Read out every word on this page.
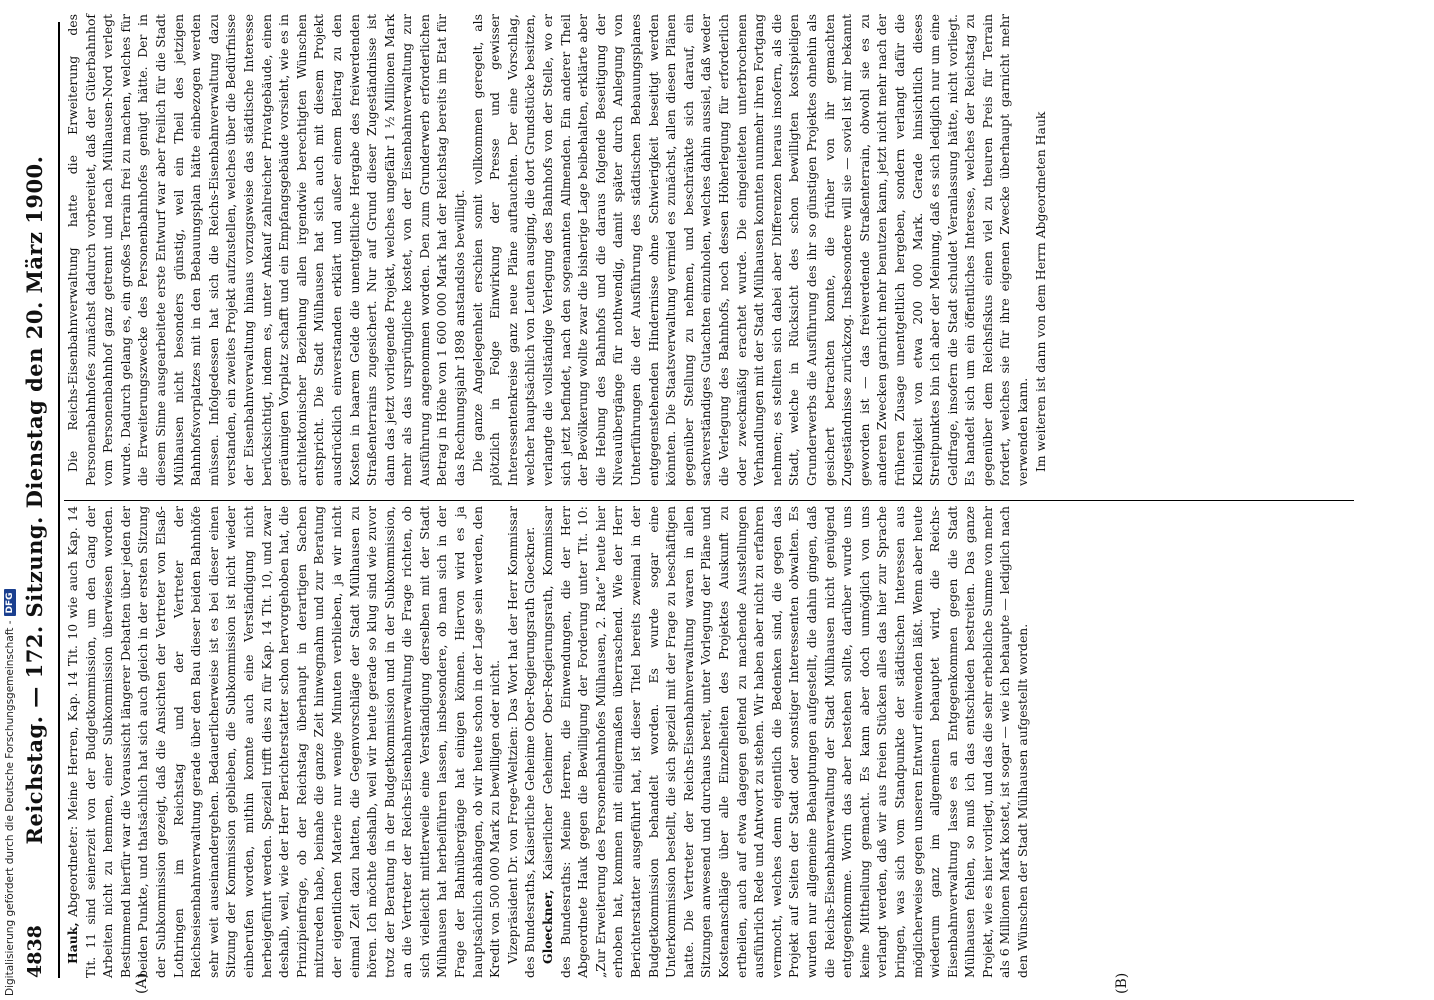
4838
Reichstag. — 172. Sitzung. Dienstag den 20. März 1900.
(A)	(B)

Hauk, Abgeordneter: Meine Herren, Kap. 14 Tit. 10 wie auch Kap. 14 Tit. 11 sind seinerzeit von der Budgetkommission, um den Gang der Arbeiten nicht zu hemmen, einer Subkommission überwiesen worden. Bestimmend hierfür war die Voraussicht längerer Debatten über jeden der beiden Punkte, und thatsächlich hat sich auch gleich in der ersten Sitzung der Subkommission gezeigt, daß die Ansichten der Vertreter von Elsaß-Lothringen im Reichstag und der Vertreter der Reichseisenbahnverwaltung gerade über den Bau dieser beiden Bahnhöfe sehr weit auseinandergehen. Bedauerlicherweise ist es bei dieser einen Sitzung der Kommission geblieben, die Subkommission ist nicht wieder einberufen worden, mithin konnte auch eine Verständigung nicht herbeigeführt werden. Speziell trifft dies zu für Kap. 14 Tit. 10, und zwar deshalb, weil, wie der Herr Berichterstatter schon hervorgehoben hat, die Prinzipienfrage, ob der Reichstag überhaupt in derartigen Sachen mitzureden habe, beinahe die ganze Zeit hinwegnahm und zur Beratung der eigentlichen Materie nur wenige Minuten verblieben, ja wir nicht einmal Zeit dazu hatten, die Gegenvorschläge der Stadt Mülhausen zu hören. Ich möchte deshalb, weil wir heute gerade so klug sind wie zuvor trotz der Beratung in der Budgetkommission und in der Subkommission, an die Vertreter der Reichs-Eisenbahnverwaltung die Frage richten, ob sich vielleicht mittlerweile eine Verständigung derselben mit der Stadt Mülhausen hat herbeiführen lassen, insbesondere, ob man sich in der Frage der Bahnübergänge hat einigen können. Hiervon wird es ja hauptsächlich abhängen, ob wir heute schon in der Lage sein werden, den Kredit von 500 000 Mark zu bewilligen oder nicht. Vizepräsident Dr. von Frege-Weltzien: Das Wort hat der Herr Kommissar des Bundesraths, Kaiserliche Geheime Ober-Regierungsrath Gloeckner. Gloeckner, Kaiserlicher Geheimer Ober-Regierungsrath, Kommissar des Bundesraths: Meine Herren, die Einwendungen, die der Herr Abgeordnete Hauk gegen die Bewilligung der Forderung unter Tit. 10: „Zur Erweiterung des Personenbahnhofes Mülhausen, 2. Rate“ heute hier erhoben hat, kommen mit einigermaßen überraschend. Wie der Herr Berichterstatter ausgeführt hat, ist dieser Titel bereits zweimal in der Budgetkommission behandelt worden. Es wurde sogar eine Unterkommission bestellt, die sich speziell mit der Frage zu beschäftigen hatte. Die Vertreter der Reichs-Eisenbahnverwaltung waren in allen Sitzungen anwesend und durchaus bereit, unter Vorlegung der Pläne und Kostenanschläge über alle Einzelheiten des Projektes Auskunft zu ertheilen, auch auf etwa dagegen geltend zu machende Ausstellungen ausführlich Rede und Antwort zu stehen. Wir haben aber nicht zu erfahren vermocht, welches denn eigentlich die Bedenken sind, die gegen das Projekt auf Seiten der Stadt oder sonstiger Interessenten obwalten. Es wurden nur allgemeine Behauptungen aufgestellt, die dahin gingen, daß die Reichs-Eisenbahnverwaltung der Stadt Mülhausen nicht genügend entgegenkomme. Worin das aber bestehen sollte, darüber wurde uns keine Mittheilung gemacht. Es kann aber doch unmöglich von uns verlangt werden, daß wir aus freien Stücken alles das hier zur Sprache bringen, was sich vom Standpunkte der städtischen Interessen aus möglicherweise gegen unseren Entwurf einwenden läßt. Wenn aber heute wiederum ganz im allgemeinen behauptet wird, die Reichs-Eisenbahnverwaltung lasse es an Entgegenkommen gegen die Stadt Mülhausen fehlen, so muß ich das entschieden bestreiten. Das ganze Projekt, wie es hier vorliegt, und das die sehr erhebliche Summe von mehr als 6 Millionen Mark kostet, ist sogar — wie ich behaupte — lediglich nach den Wünschen der Stadt Mülhausen aufgestellt worden.

Die Reichs-Eisenbahnverwaltung hatte die Erweiterung des Personenbahnhofes zunächst dadurch vorbereitet, daß der Güterbahnhof vom Personenbahnhof ganz getrennt und nach Mülhausen-Nord verlegt wurde. Dadurch gelang es, ein großes Terrain frei zu machen, welches für die Erweiterungszwecke des Personenbahnhofes genügt hätte. Der in diesem Sinne ausgearbeitete erste Entwurf war aber freilich für die Stadt Mülhausen nicht besonders günstig, weil ein Theil des jetzigen Bahnhofsvorplatzes mit in den Bebauungsplan hätte einbezogen werden müssen. Infolgedessen hat sich die Reichs-Eisenbahnverwaltung dazu verstanden, ein zweites Projekt aufzustellen, welches über die Bedürfnisse der Eisenbahnverwaltung hinaus vorzugsweise das städtische Interesse berücksichtigt, indem es, unter Ankauf zahlreicher Privatgebäude, einen geräumigen Vorplatz schafft und ein Empfangsgebäude vorsieht, wie es in architektonischer Beziehung allen irgendwie berechtigten Wünschen entspricht. Die Stadt Mülhausen hat sich auch mit diesem Projekt ausdrücklich einverstanden erklärt und außer einem Beitrag zu den Kosten in baarem Gelde die unentgeltliche Hergabe des freiwerdenden Straßenterrains zugesichert. Nur auf Grund dieser Zugeständnisse ist dann das jetzt vorliegende Projekt, welches ungefähr 1 ½ Millionen Mark mehr als das ursprüngliche kostet, von der Eisenbahnverwaltung zur Ausführung angenommen worden. Den zum Grunderwerb erforderlichen Betrag in Höhe von 1 600 000 Mark hat der Reichstag bereits im Etat für das Rechnungsjahr 1898 anstandslos bewilligt. Die ganze Angelegenheit erschien somit vollkommen geregelt, als plötzlich in Folge Einwirkung der Presse und gewisser Interessentenkreise ganz neue Pläne auftauchten. Der eine Vorschlag, welcher hauptsächlich von Leuten ausging, die dort Grundstücke besitzen, verlangte die vollständige Verlegung des Bahnhofs von der Stelle, wo er sich jetzt befindet, nach den sogenannten Allmenden. Ein anderer Theil der Bevölkerung wollte zwar die bisherige Lage beibehalten, erklärte aber die Hebung des Bahnhofs und die daraus folgende Beseitigung der Niveauübergänge für nothwendig, damit später durch Anlegung von Unterführungen die der Ausführung des städtischen Bebauungsplanes entgegenstehenden Hindernisse ohne Schwierigkeit beseitigt werden könnten. Die Staatsverwaltung vermied es zunächst, allen diesen Plänen gegenüber Stellung zu nehmen, und beschränkte sich darauf, ein sachverständiges Gutachten einzuholen, welches dahin aussiel, daß weder die Verlegung des Bahnhofs, noch dessen Höherlegung für erforderlich oder zweckmäßig erachtet wurde. Die eingeleiteten unterbrochenen Verhandlungen mit der Stadt Mülhausen konnten nunmehr ihren Fortgang nehmen; es stellten sich dabei aber Differenzen heraus insofern, als die Stadt, welche in Rücksicht des schon bewilligten kostspieligen Grunderwerbs die Ausführung des ihr so günstigen Projektes ohnehin als gesichert betrachten konnte, die früher von ihr gemachten Zugeständnisse zurückzog. Insbesondere will sie — soviel ist mir bekannt geworden ist — das freiwerdende Straßenterrain, obwohl sie es zu anderen Zwecken garnicht mehr benutzen kann, jetzt nicht mehr nach der früheren Zusage unentgeltlich hergeben, sondern verlangt dafür die Kleinigkeit von etwa 200 000 Mark. Gerade hinsichtlich dieses Streitpunktes bin ich aber der Meinung, daß es sich lediglich nur um eine Geldfrage, insofern die Stadt schuldet Veranlassung hätte, nicht vorliegt. Es handelt sich um ein öffentliches Interesse, welches der Reichstag zu gegenüber dem Reichsfiskus einen viel zu theuren Preis für Terrain fordert, welches sie für ihre eigenen Zwecke überhaupt garnicht mehr verwenden kann. Im weiteren ist dann von dem Herrn Abgeordneten Hauk

Digitalisierung gefördert durch die Deutsche Forschungsgemeinschaft -
DFG
